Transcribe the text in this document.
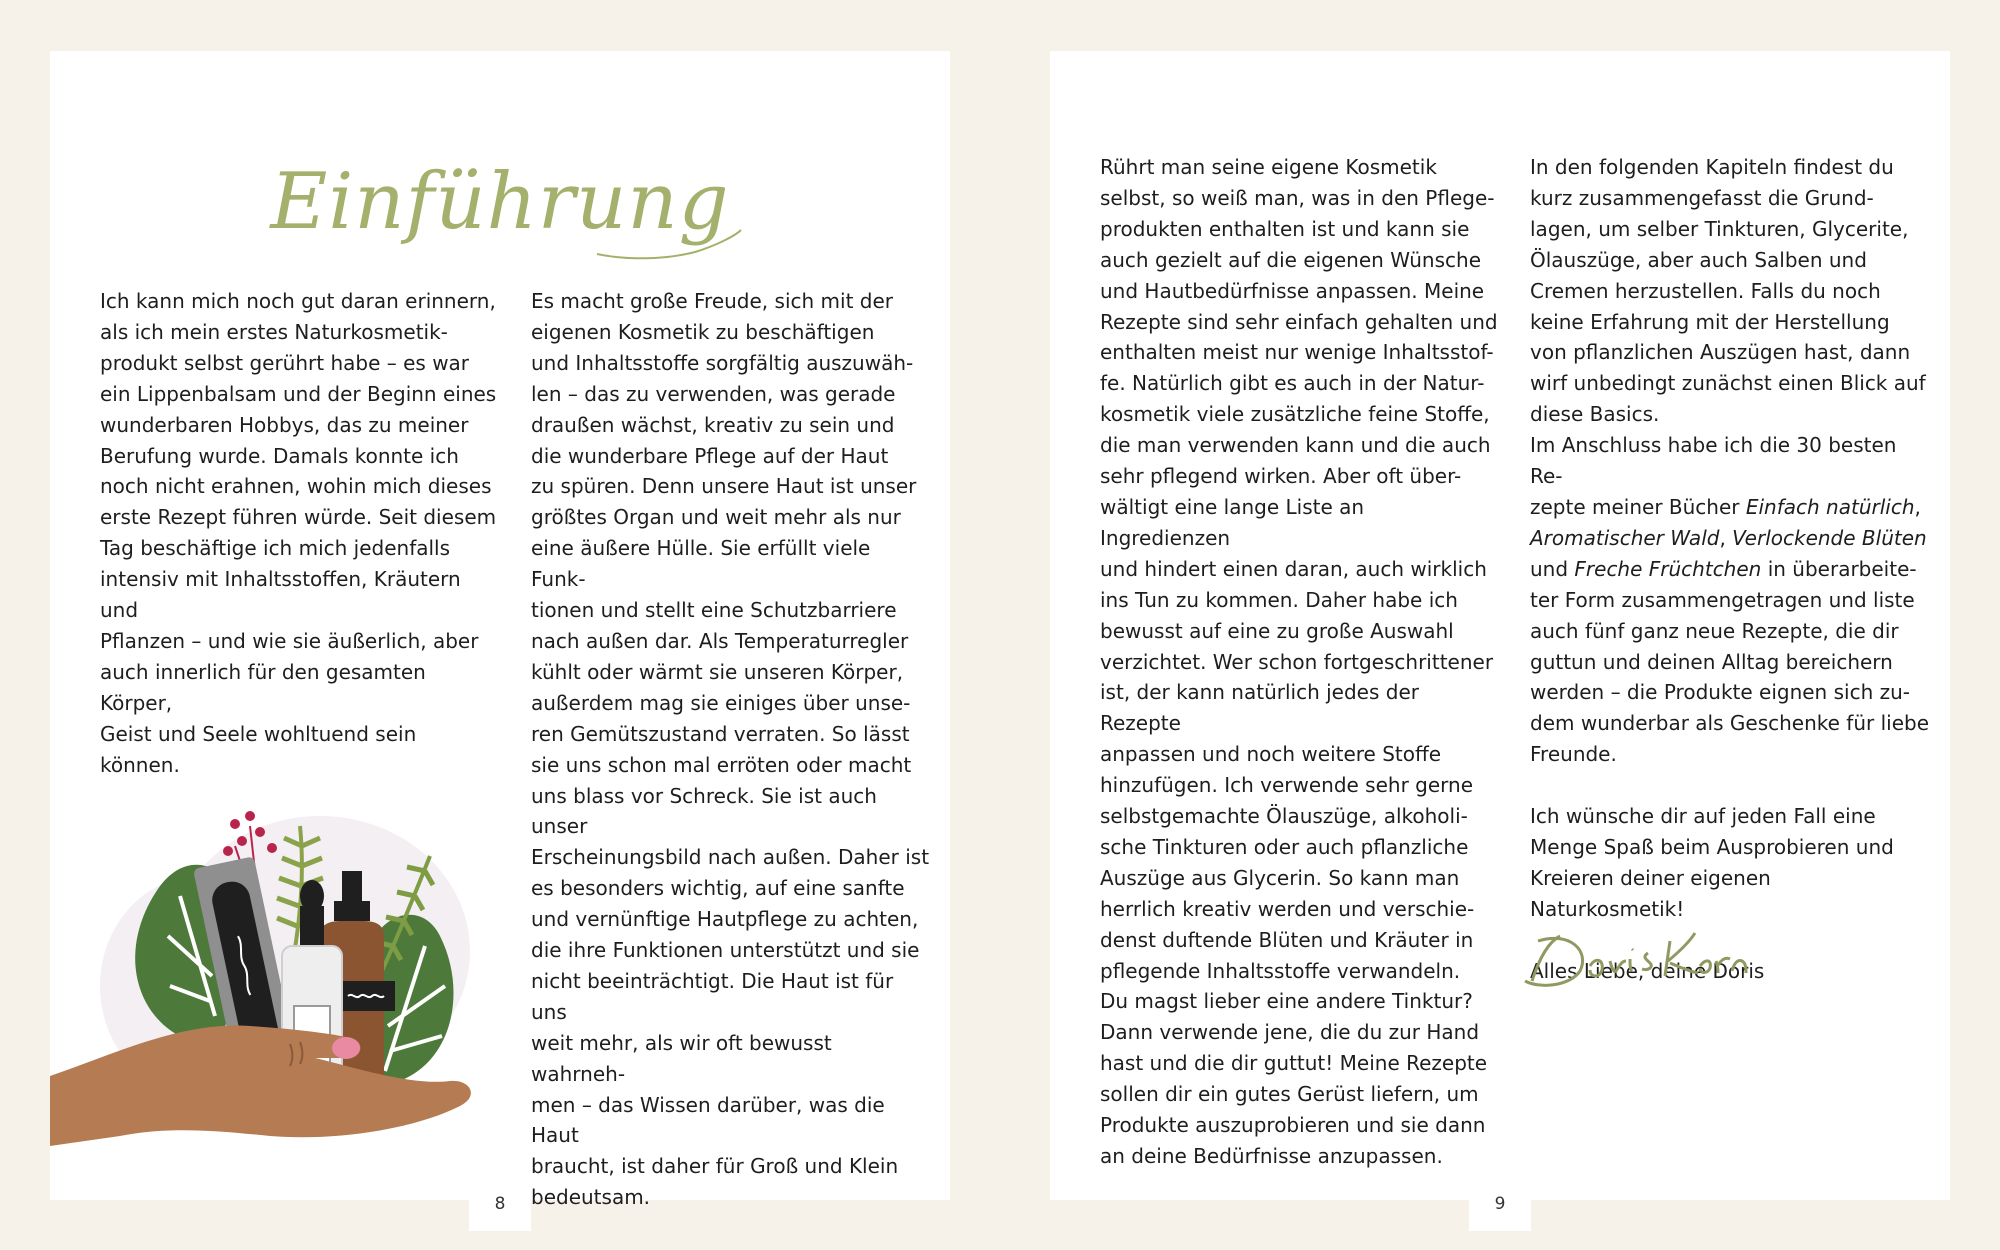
Einführung

Ich kann mich noch gut daran erinnern,

als ich mein erstes Naturkosmetik-

produkt selbst gerührt habe – es war

ein Lippenbalsam und der Beginn eines

wunderbaren Hobbys, das zu meiner

Berufung wurde. Damals konnte ich

noch nicht erahnen, wohin mich dieses

erste Rezept führen würde. Seit diesem

Tag beschäftige ich mich jedenfalls

intensiv mit Inhaltsstoffen, Kräutern und

Pflanzen – und wie sie äußerlich, aber

auch innerlich für den gesamten Körper,

Geist und Seele wohltuend sein können.

Es macht große Freude, sich mit der

eigenen Kosmetik zu beschäftigen

und Inhaltsstoffe sorgfältig auszuwäh-

len – das zu verwenden, was gerade

draußen wächst, kreativ zu sein und

die wunderbare Pflege auf der Haut

zu spüren. Denn unsere Haut ist unser

größtes Organ und weit mehr als nur

eine äußere Hülle. Sie erfüllt viele Funk-

tionen und stellt eine Schutzbarriere

nach außen dar. Als Temperaturregler

kühlt oder wärmt sie unseren Körper,

außerdem mag sie einiges über unse-

ren Gemütszustand verraten. So lässt

sie uns schon mal erröten oder macht

uns blass vor Schreck. Sie ist auch unser

Erscheinungsbild nach außen. Daher ist

es besonders wichtig, auf eine sanfte

und vernünftige Hautpflege zu achten,

die ihre Funktionen unterstützt und sie

nicht beeinträchtigt. Die Haut ist für uns

weit mehr, als wir oft bewusst wahrneh-

men – das Wissen darüber, was die Haut

braucht, ist daher für Groß und Klein

bedeutsam.

8

Rührt man seine eigene Kosmetik

selbst, so weiß man, was in den Pflege-

produkten enthalten ist und kann sie

auch gezielt auf die eigenen Wünsche

und Hautbedürfnisse anpassen. Meine

Rezepte sind sehr einfach gehalten und

enthalten meist nur wenige Inhaltsstof-

fe. Natürlich gibt es auch in der Natur-

kosmetik viele zusätzliche feine Stoffe,

die man verwenden kann und die auch

sehr pflegend wirken. Aber oft über-

wältigt eine lange Liste an Ingredienzen

und hindert einen daran, auch wirklich

ins Tun zu kommen. Daher habe ich

bewusst auf eine zu große Auswahl

verzichtet. Wer schon fortgeschrittener

ist, der kann natürlich jedes der Rezepte

anpassen und noch weitere Stoffe

hinzufügen. Ich verwende sehr gerne

selbstgemachte Ölauszüge, alkoholi-

sche Tinkturen oder auch pflanzliche

Auszüge aus Glycerin. So kann man

herrlich kreativ werden und verschie-

denst duftende Blüten und Kräuter in

pflegende Inhaltsstoffe verwandeln.

Du magst lieber eine andere Tinktur?

Dann verwende jene, die du zur Hand

hast und die dir guttut! Meine Rezepte

sollen dir ein gutes Gerüst liefern, um

Produkte auszuprobieren und sie dann

an deine Bedürfnisse anzupassen.

In den folgenden Kapiteln findest du

kurz zusammengefasst die Grund-

lagen, um selber Tinkturen, Glycerite,

Ölauszüge, aber auch Salben und

Cremen herzustellen. Falls du noch

keine Erfahrung mit der Herstellung

von pflanzlichen Auszügen hast, dann

wirf unbedingt zunächst einen Blick auf

diese Basics.

Im Anschluss habe ich die 30 besten Re-

zepte meiner Bücher Einfach natürlich,

Aromatischer Wald, Verlockende Blüten

und Freche Früchtchen in überarbeite-

ter Form zusammengetragen und liste

auch fünf ganz neue Rezepte, die dir

guttun und deinen Alltag bereichern

werden – die Produkte eignen sich zu-

dem wunderbar als Geschenke für liebe

Freunde.

Ich wünsche dir auf jeden Fall eine

Menge Spaß beim Ausprobieren und

Kreieren deiner eigenen Naturkosmetik!

Alles Liebe, deine Doris

9
